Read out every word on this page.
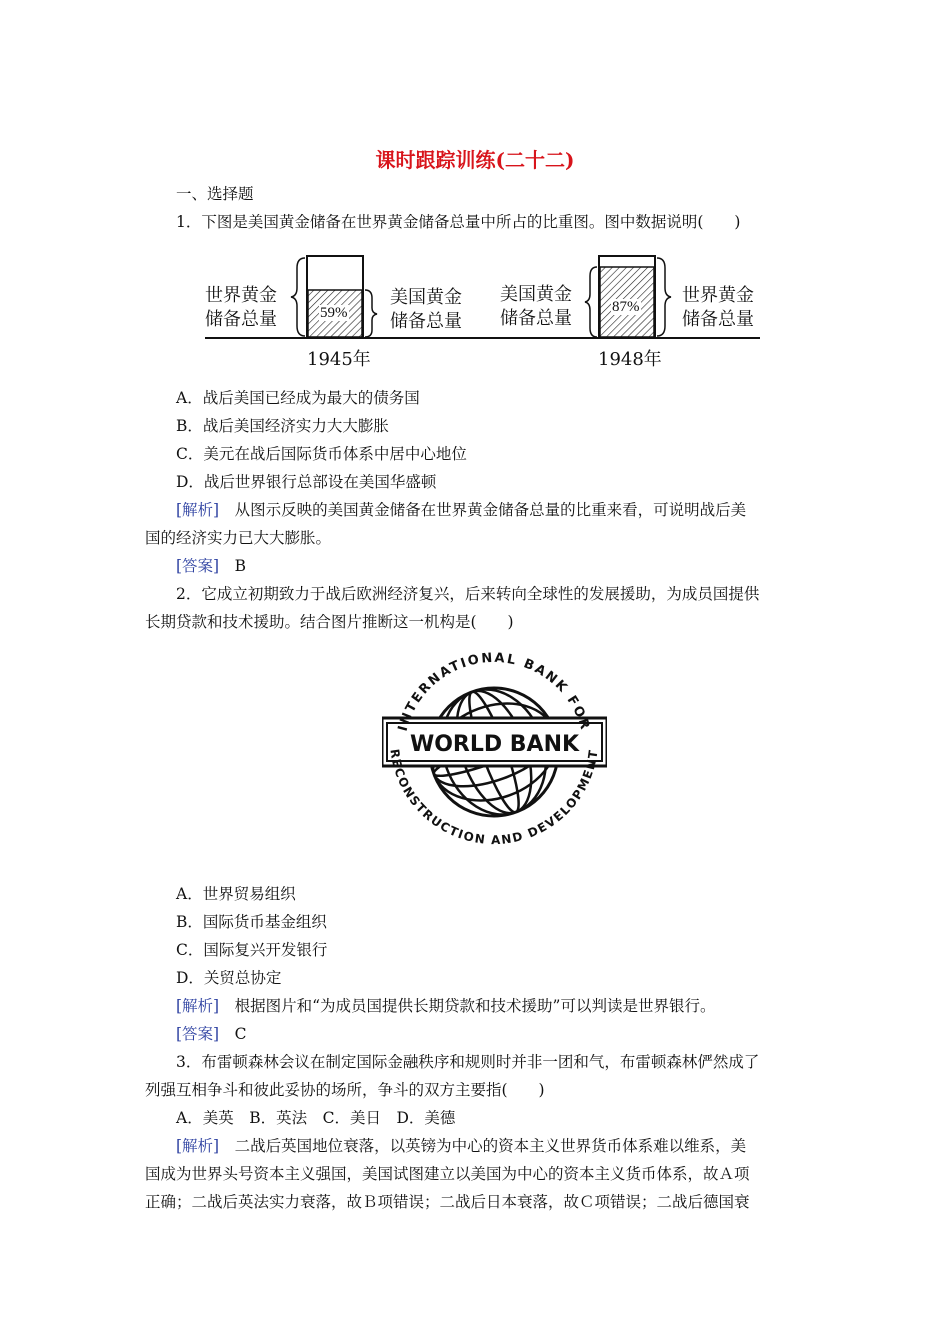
课时跟踪训练(二十二)
一、选择题
1．下图是美国黄金储备在世界黄金储备总量中所占的比重图。图中数据说明(　　)
世界黄金
储备总量
美国黄金
储备总量
美国黄金
储备总量
世界黄金
储备总量
59%	87%
1945年	1948年
A．战后美国已经成为最大的债务国
B．战后美国经济实力大大膨胀
C．美元在战后国际货币体系中居中心地位
D．战后世界银行总部设在美国华盛顿
[解析]　从图示反映的美国黄金储备在世界黄金储备总量的比重来看，可说明战后美
国的经济实力已大大膨胀。
[答案]　B
2．它成立初期致力于战后欧洲经济复兴，后来转向全球性的发展援助，为成员国提供
长期贷款和技术援助。结合图片推断这一机构是(　　)
WORLD BANK
INTERNATIONAL BANK FOR
RECONSTRUCTION AND DEVELOPMENT
A．世界贸易组织
B．国际货币基金组织
C．国际复兴开发银行
D．关贸总协定
[解析]　根据图片和“为成员国提供长期贷款和技术援助”可以判读是世界银行。
[答案]　C
3．布雷顿森林会议在制定国际金融秩序和规则时并非一团和气，布雷顿森林俨然成了
列强互相争斗和彼此妥协的场所，争斗的双方主要指(　　)
A．美英　B．英法　C．美日　D．美德
[解析]　二战后英国地位衰落，以英镑为中心的资本主义世界货币体系难以维系，美
国成为世界头号资本主义强国，美国试图建立以美国为中心的资本主义货币体系，故Ａ项
正确；二战后英法实力衰落，故Ｂ项错误；二战后日本衰落，故Ｃ项错误；二战后德国衰
